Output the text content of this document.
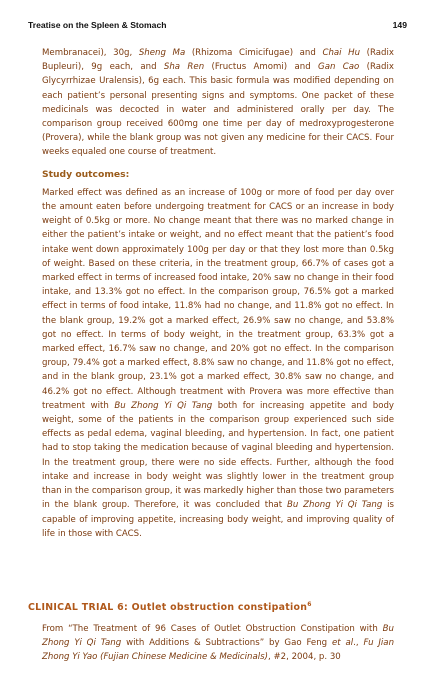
Treatise on the Spleen & Stomach	149

Membranacei), 30g, Sheng Ma (Rhizoma Cimicifugae) and Chai Hu (Radix Bupleuri), 9g each, and Sha Ren (Fructus Amomi) and Gan Cao (Radix Glycyrrhizae Uralensis), 6g each. This basic formula was modified depending on each patient’s personal presenting signs and symptoms. One packet of these medicinals was decocted in water and administered orally per day. The comparison group received 600mg one time per day of medroxyprogesterone (Provera), while the blank group was not given any medicine for their CACS. Four weeks equaled one course of treatment.

Study outcomes:

Marked effect was defined as an increase of 100g or more of food per day over the amount eaten before undergoing treatment for CACS or an increase in body weight of 0.5kg or more. No change meant that there was no marked change in either the patient’s intake or weight, and no effect meant that the patient’s food intake went down approximately 100g per day or that they lost more than 0.5kg of weight. Based on these criteria, in the treatment group, 66.7% of cases got a marked effect in terms of increased food intake, 20% saw no change in their food intake, and 13.3% got no effect. In the comparison group, 76.5% got a marked effect in terms of food intake, 11.8% had no change, and 11.8% got no effect. In the blank group, 19.2% got a marked effect, 26.9% saw no change, and 53.8% got no effect. In terms of body weight, in the treatment group, 63.3% got a marked effect, 16.7% saw no change, and 20% got no effect. In the comparison group, 79.4% got a marked effect, 8.8% saw no change, and 11.8% got no effect, and in the blank group, 23.1% got a marked effect, 30.8% saw no change, and 46.2% got no effect. Although treatment with Provera was more effective than treatment with Bu Zhong Yi Qi Tang both for increasing appetite and body weight, some of the patients in the comparison group experienced such side effects as pedal edema, vaginal bleeding, and hypertension. In fact, one patient had to stop taking the medication because of vaginal bleeding and hypertension. In the treatment group, there were no side effects. Further, although the food intake and increase in body weight was slightly lower in the treatment group than in the comparison group, it was markedly higher than those two parameters in the blank group. Therefore, it was concluded that Bu Zhong Yi Qi Tang is capable of improving appetite, increasing body weight, and improving quality of life in those with CACS.

CLINICAL TRIAL 6: Outlet obstruction constipation$^6$

From “The Treatment of 96 Cases of Outlet Obstruction Constipation with Bu Zhong Yi Qi Tang with Additions & Subtractions” by Gao Feng et al., Fu Jian Zhong Yi Yao (Fujian Chinese Medicine & Medicinals), #2, 2004, p. 30
